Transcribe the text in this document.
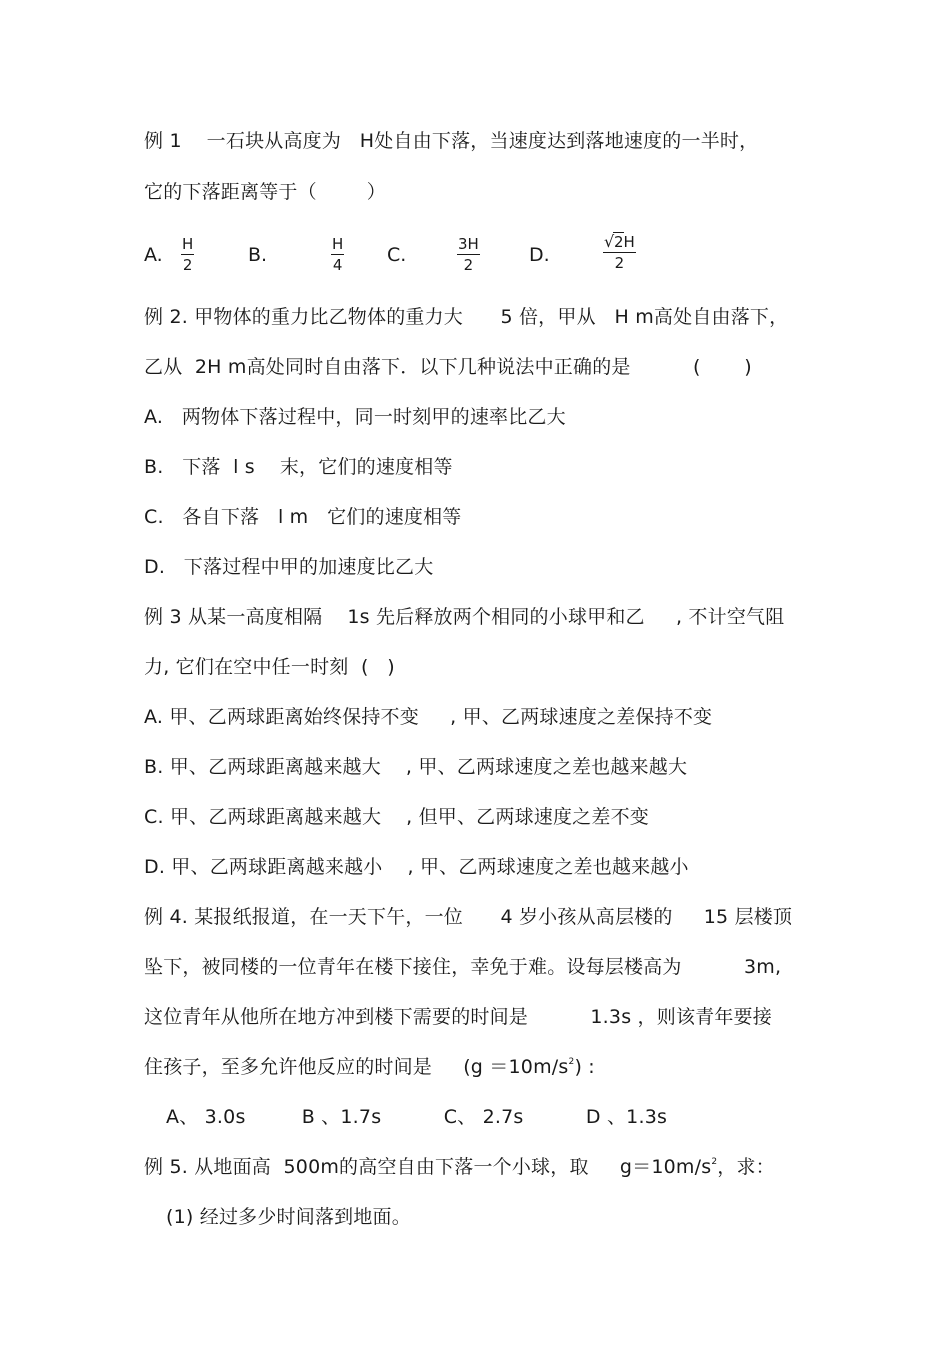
例 1    一石块从高度为   H处自由下落，当速度达到落地速度的一半时，
它的下落距离等于（        ）
A. H
2	B.	H
4 C.	3H
2	D.
√ 2H
2
例 2. 甲物体的重力比乙物体的重力大      5 倍，甲从   H m高处自由落下，
乙从  2H m高处同时自由落下．以下几种说法中正确的是          (       )
A.   两物体下落过程中，同一时刻甲的速率比乙大
B.   下落  l s    末，它们的速度相等
C.   各自下落   l m   它们的速度相等
D.   下落过程中甲的加速度比乙大
例 3 从某一高度相隔    1s 先后释放两个相同的小球甲和乙     , 不计空气阻
力, 它们在空中任一时刻  (   )
A. 甲、乙两球距离始终保持不变     , 甲、乙两球速度之差保持不变
B. 甲、乙两球距离越来越大    , 甲、乙两球速度之差也越来越大
C. 甲、乙两球距离越来越大    , 但甲、乙两球速度之差不变
D. 甲、乙两球距离越来越小    , 甲、乙两球速度之差也越来越小
例 4. 某报纸报道，在一天下午，一位      4 岁小孩从高层楼的     15 层楼顶
坠下，被同楼的一位青年在楼下接住，幸免于难。设每层楼高为          3m,
这位青年从他所在地方冲到楼下需要的时间是          1.3s ，则该青年要接
住孩子，至多允许他反应的时间是     $(g =10m/s^2)$ :
A、 3.0s         B 、1.7s          C、 2.7s          D 、1.3s
例 5. 从地面高  500m的高空自由下落一个小球，取     $g=10m/s^2$，求：
(1) 经过多少时间落到地面。
